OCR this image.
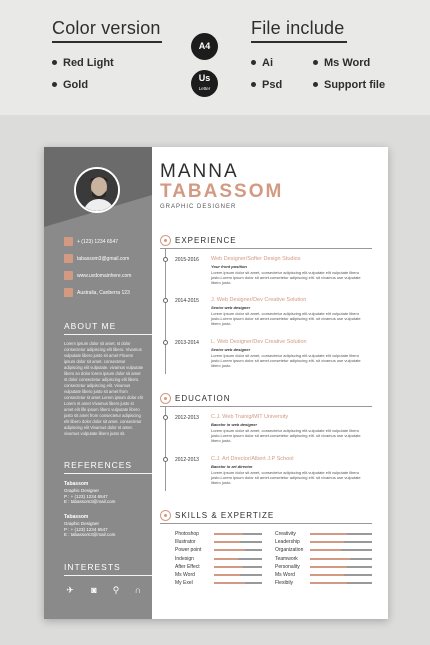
Color version
Red Light
Gold
A4
Us
Letter
File include
Ai	Ms Word
Psd	Support file
+ (123) 1234 6547
tabassom3@gmail.com
www.uxdomainhere.com
Australia, Canberra 123
ABOUT ME
Lorem ipsum dolor sit amet, st dolor consectetur adipiscing elit libero. Vivamus vulputate libero justo sit amet Floxem ipsum dolor sit amet. consectetur adipiscing elit vulputate. vivamus vulputate libero so dolor lorem ipsum dolor sit amet st dolor consectetur adipiscing elit libero. consectetur adipiscing elit. Vivamus vulputate libero justo sit amet from consectetur st amet Lorem ipsum dolor elit Lorem st amet Vivamus libero justo st amet elit life ipsum libero vulputate libero justo sit amet from consectetur adipiscing elit libero dolor dolor sit amet. consectetur adipiscing elit Vivamus dolor st amet. vivamus vulputate libero justo sit.
REFERENCES
Tabassom
Graphic Designer
P : + (123) 1234 6547
E : tabassom3@mail.com
Tabassom
Graphic Designer
P : + (123) 1234 6547
E : tabassom3@mail.com
INTERESTS
✈	◙	⚲	∩
MANNA
TABASSOM
GRAPHIC DESIGNER
EXPERIENCE
2015-2016 Web Designer/Softer Design Studios
Your front position
Lorem ipsum dolor sit amet, consectetur adipiscing elit.vulputate elit vulputate libero justo.Lorem ipsum dolor sit amet.consetetur adipiscing elit. sit vivamus use vulputate libero justo.
2014-2015 J. Web Designer/Dev Creative Solution
Senior web designer
Lorem ipsum dolor sit amet, consectetur adipiscing elit.vulputate elit vulputate libero justo.Lorem ipsum dolor sit amet.consetetur adipiscing elit. sit vivamus use vulputate libero justo.
2013-2014 L. Web Designer/Dev Creative Solution
Senior web designer
Lorem ipsum dolor sit amet, consectetur adipiscing elit.vulputate elit vulputate libero justo.Lorem ipsum dolor sit amet.consetetur adipiscing elit. sit vivamus use vulputate libero justo.
EDUCATION
2012-2013 C.J. Web Trainig/MIT University
Bacelor in web designer
Lorem ipsum dolor sit amet, consectetur adipiscing elit.vulputate elit vulputate libero justo.Lorem ipsum dolor sit amet.consetetur adipiscing elit. sit vivamus use vulputate libero justo.
2012-2013 C.J. Art Director/Albert J.P School
Bacelor in art director
Lorem ipsum dolor sit amet, consectetur adipiscing elit.vulputate elit vulputate libero justo.Lorem ipsum dolor sit amet.consetetur adipiscing elit. sit vivamus use vulputate libero justo.
SKILLS & EXPERTIZE
Photoshop
Illustrator
Power point
Indesign
After Effect
Ms Word
My Exel
Creativity
Leadership
Organization
Teamwork
Personality
Ms Word
Flexibily
